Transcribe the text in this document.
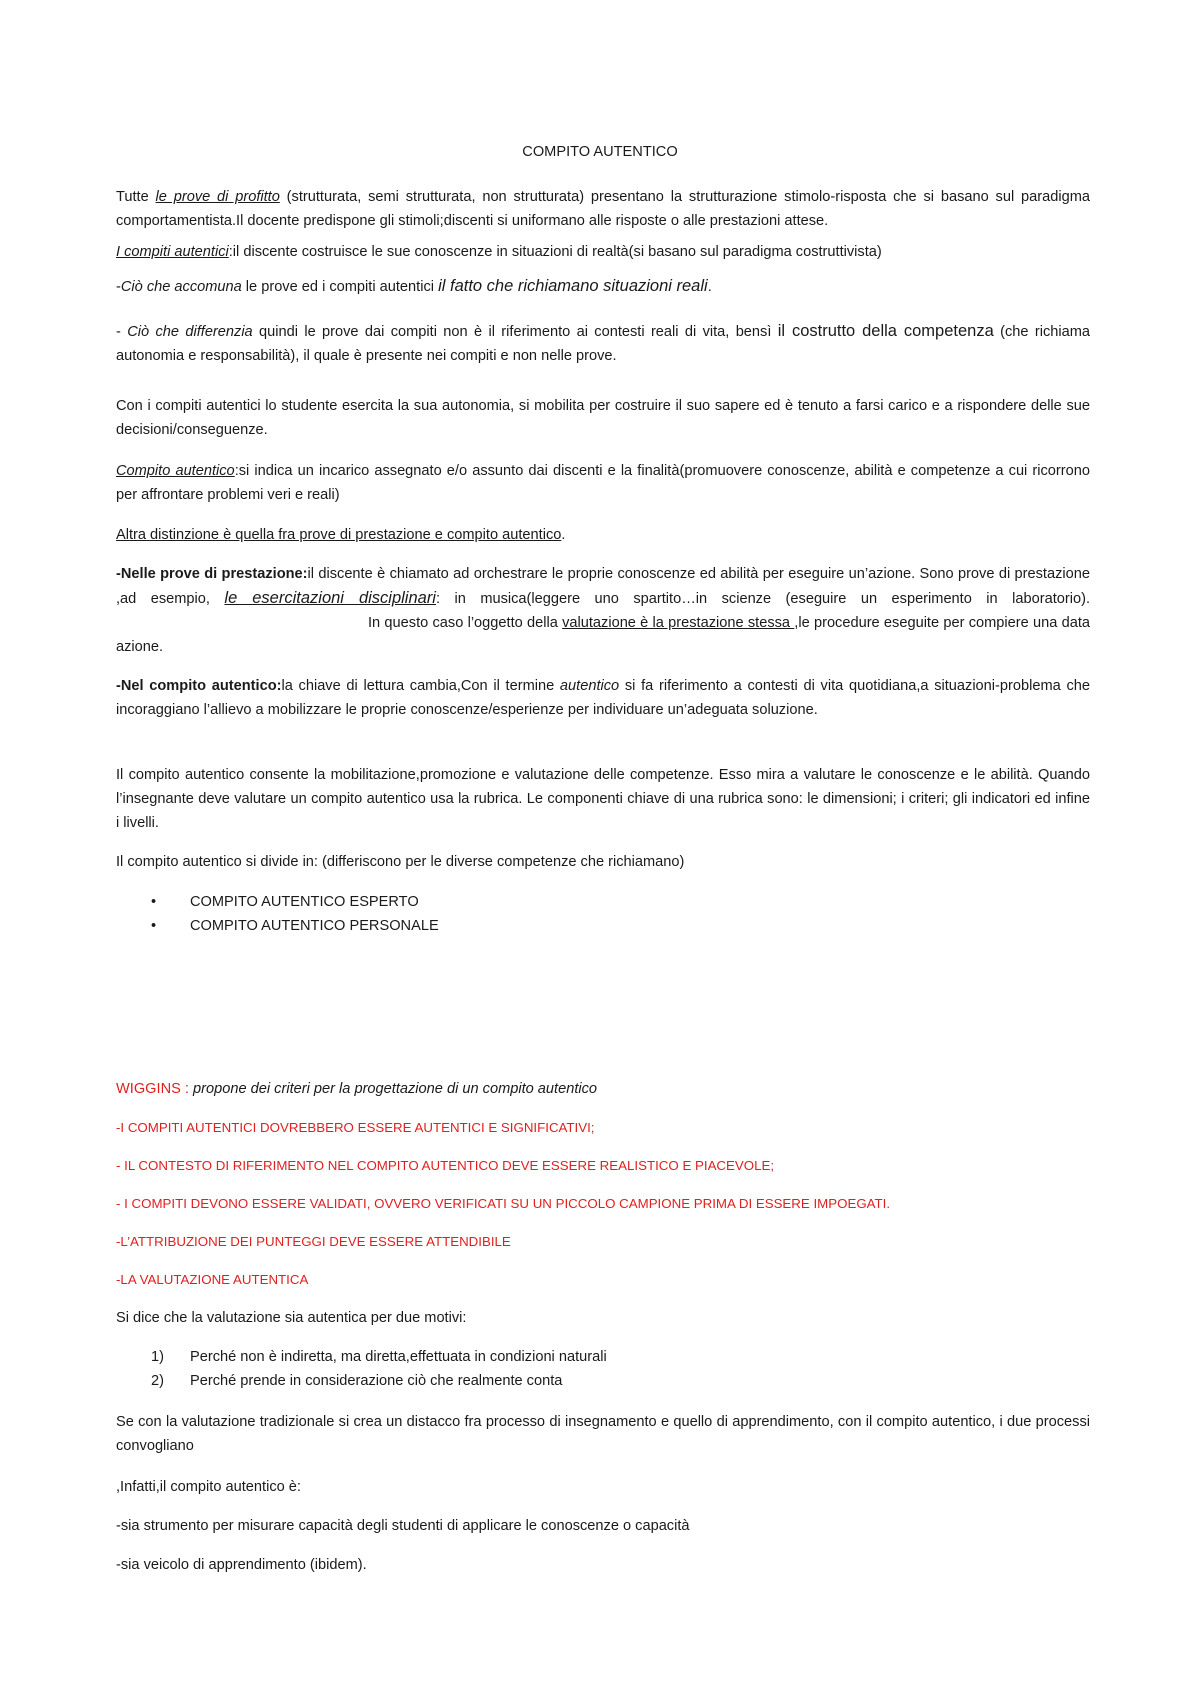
COMPITO AUTENTICO

Tutte le prove di profitto (strutturata, semi strutturata, non strutturata) presentano la strutturazione stimolo-risposta che si basano sul paradigma comportamentista.Il docente predispone gli stimoli;discenti si uniformano alle risposte o alle prestazioni attese.

I compiti autentici:il discente costruisce le sue conoscenze in situazioni di realtà(si basano sul paradigma costruttivista)

-Ciò che accomuna le prove ed i compiti autentici il fatto che richiamano situazioni reali.

- Ciò che differenzia quindi le prove dai compiti non è il riferimento ai contesti reali di vita, bensì il costrutto della competenza (che richiama autonomia e responsabilità), il quale è presente nei compiti e non nelle prove.

Con i compiti autentici lo studente esercita la sua autonomia, si mobilita per costruire il suo sapere ed è tenuto a farsi carico e a rispondere delle sue decisioni/conseguenze.

Compito autentico:si indica un incarico assegnato e/o assunto dai discenti e la finalità(promuovere conoscenze, abilità e competenze a cui ricorrono per affrontare problemi veri e reali)

Altra distinzione è quella fra prove di prestazione e compito autentico.

-Nelle prove di prestazione:il discente è chiamato ad orchestrare le proprie conoscenze ed abilità per eseguire un’azione. Sono prove di prestazione ,ad esempio, le esercitazioni disciplinari: in musica(leggere uno spartito…in scienze (eseguire un esperimento in laboratorio).In questo caso l’oggetto della valutazione è la prestazione stessa ,le procedure eseguite per compiere una data azione.

-Nel compito autentico:la chiave di lettura cambia,Con il termine autentico si fa riferimento a contesti di vita quotidiana,a situazioni-problema che incoraggiano l’allievo a mobilizzare le proprie conoscenze/esperienze per individuare un’adeguata soluzione.

Il compito autentico consente la mobilitazione,promozione e valutazione delle competenze. Esso mira a valutare le conoscenze e le abilità. Quando l’insegnante deve valutare un compito autentico usa la rubrica. Le componenti chiave di una rubrica sono: le dimensioni; i criteri; gli indicatori ed infine i livelli.

Il compito autentico si divide in: (differiscono per le diverse competenze che richiamano)

• COMPITO AUTENTICO ESPERTO
• COMPITO AUTENTICO PERSONALE

WIGGINS : propone dei criteri per la progettazione di un compito autentico

-I COMPITI AUTENTICI DOVREBBERO ESSERE AUTENTICI E SIGNIFICATIVI;

- IL CONTESTO DI RIFERIMENTO NEL COMPITO AUTENTICO DEVE ESSERE REALISTICO E PIACEVOLE;

- I COMPITI DEVONO ESSERE VALIDATI, OVVERO VERIFICATI SU UN PICCOLO CAMPIONE PRIMA DI ESSERE IMPOEGATI.

-L’ATTRIBUZIONE DEI PUNTEGGI DEVE ESSERE ATTENDIBILE

-LA VALUTAZIONE AUTENTICA

Si dice che la valutazione sia autentica per due motivi:

1) Perché non è indiretta, ma diretta,effettuata in condizioni naturali
2) Perché prende in considerazione ciò che realmente conta

Se con la valutazione tradizionale si crea un distacco fra processo di insegnamento e quello di apprendimento, con il compito autentico, i due processi convogliano

,Infatti,il compito autentico è:

-sia strumento per misurare capacità degli studenti di applicare le conoscenze o capacità

-sia veicolo di apprendimento (ibidem).
